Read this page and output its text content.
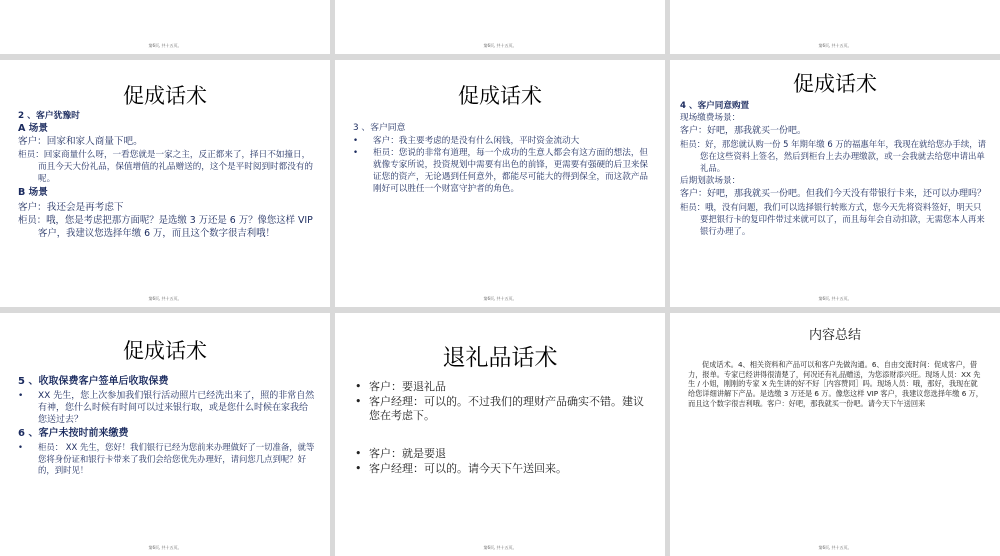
第6页, 共十五页。	第6页, 共十五页。	第6页, 共十五页。
促成话术

2 、客户犹豫时

A 场景

客户：回家和家人商量下吧。

柜员：回家商量什么呀，一看您就是一家之主，反正都来了，择日不如撞日，而且今天大份礼品，保值增值的礼品赠送的，这个是平时阅到时都没有的呢。

B 场景

客户：我还会是再考虑下

柜员：哦，您是考虑把那方面呢？是选缴 3 万还是 6 万？像您这样 VIP 客户，我建议您选择年缴 6 万，而且这个数字很吉利哦！

第6页, 共十五页。
促成话术

3 、客户同意

• 客户：我主要考虑的是没有什么闲钱，平时资金流动大

• 柜员：您说的非常有道理，每一个成功的生意人都会有这方面的想法，但就像专家所说，投资规划中需要有出色的前锋，更需要有强硬的后卫来保证您的资产，无论遇到任何意外，都能尽可能大的得到保全，而这款产品刚好可以胜任一个财富守护者的角色。

第6页, 共十五页。
促成话术

4 、客户同意购置

现场缴费场景：

客户：好吧，那我就买一份吧。

柜员：好，那您就认购一份 5 年期年缴 6 万的福惠年年，我现在就给您办手续，请您在这些资料上签名，然后到柜台上去办理缴款，或一会我就去给您申请出单礼品。

后期划款场景：

客户：好吧，那我就买一份吧。但我们今天没有带银行卡来，还可以办理吗？

柜员：哦，没有问题，我们可以选择银行转账方式，您今天先将资料签好，明天只要把银行卡的复印件带过来就可以了，而且每年会自动扣款，无需您本人再来银行办理了。

第6页, 共十五页。
促成话术

5 、收取保费客户签单后收取保费

• XX 先生，您上次参加我们银行活动照片已经洗出来了，照的非常自然有神，您什么时候有时间可以过来银行取，或是您什么时候在家我给您送过去？

6 、客户未按时前来缴费

• 柜员： XX 先生，您好！我们银行已经为您前来办理做好了一切准备，就等您将身份证和银行卡带来了我们会给您优先办理好，请问您几点到呢？好的，到时见！

第6页, 共十五页。
退礼品话术

• 客户：要退礼品

• 客户经理：可以的。不过我们的理财产品确实不错。建议您在考虑下。

• 客户：就是要退

• 客户经理：可以的。请今天下午送回来。

第6页, 共十五页。
内容总结
促成话术。4、相关资料和产品可以和客户先做沟通。6、自由交流时间：促成客户，借力，报单。专家已经讲得很清楚了，何况还有礼品赠送，为您添财添兴旺。现场人员：XX 先生 / 小姐，刚刚的专家 X 先生讲的好不好［内容赞同］吗。现场人员：哦，那好，我现在就给您详细讲解下产品。是选缴 3 万还是 6 万。像您这样 VIP 客户，我建议您选择年缴 6 万，而且这个数字很吉利哦。客户：好吧，那我就买一份吧。请今天下午送回来
第6页, 共十五页。
